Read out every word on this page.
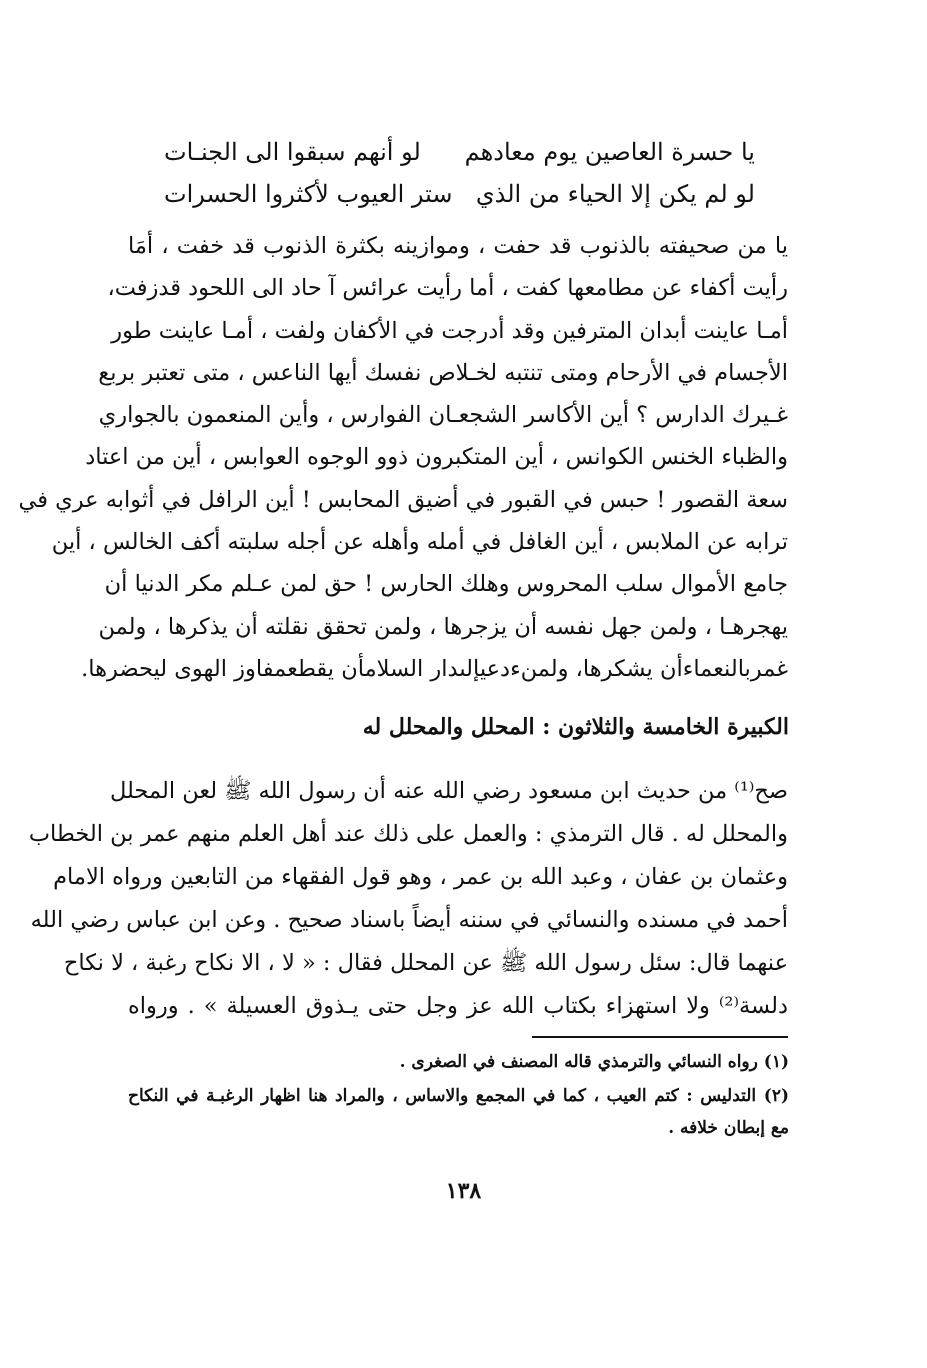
يا حسرة العاصين يوم معادهم
لو أنهم سبقوا الى الجنـات
لو لم يكن إلا الحياء من الذي
ستر العيوب لأكثروا الحسرات
يا من صحيفته بالذنوب قد حفت ، وموازينه بكثرة الذنوب قد خفت ، أمَا
رأيت أكفاء عن مطامعها كفت ، أما رأيت عرائس آ حاد الى اللحود قدزفت،
أمـا عاينت أبدان المترفين وقد أدرجت في الأكفان ولفت ، أمـا عاينت طور
الأجسام في الأرحام ومتى تنتبه لخـلاص نفسك أيها الناعس ، متى تعتبر بربع
غـيرك الدارس ؟ أين الأكاسر الشجعـان الفوارس ، وأين المنعمون بالجواري
والظباء الخنس الكوانس ، أين المتكبرون ذوو الوجوه العوابس ، أين من اعتاد
سعة القصور ! حبس في القبور في أضيق المحابس ! أين الرافل في أثوابه عري في
ترابه عن الملابس ، أين الغافل في أمله وأهله عن أجله سلبته أكف الخالس ، أين
جامع الأموال سلب المحروس وهلك الحارس ! حق لمن عـلم مكر الدنيا أن
يهجرهـا ، ولمن جهل نفسه أن يزجرها ، ولمن تحقق نقلته أن يذكرها ، ولمن
غمربالنعماءأن يشكرها، ولمنءدعيإلىدار السلامأن يقطعمفاوز الهوى ليحضرها.
الكبيرة الخامسة والثلاثون : المحلل والمحلل له
صح⁽¹⁾ من حديث ابن مسعود رضي الله عنه أن رسول الله ﷺ لعن المحلل
والمحلل له . قال الترمذي : والعمل على ذلك عند أهل العلم منهم عمر بن الخطاب
وعثمان بن عفان ، وعبد الله بن عمر ، وهو قول الفقهاء من التابعين ورواه الامام
أحمد في مسنده والنسائي في سننه أيضاً باسناد صحيح . وعن ابن عباس رضي الله
عنهما قال: سئل رسول الله ﷺ عن المحلل فقال : « لا ، الا نكاح رغبة ، لا نكاح
دلسة⁽²⁾ ولا استهزاء بكتاب الله عز وجل حتى يـذوق العسيلة » . ورواه
(١) رواه النسائي والترمذي قاله المصنف في الصغرى .
(٢) التدليس : كتم العيب ، كما في المجمع والاساس ، والمراد هنا اظهار الرغبـة في النكاح
مع إبطان خلافه .
١٣٨
